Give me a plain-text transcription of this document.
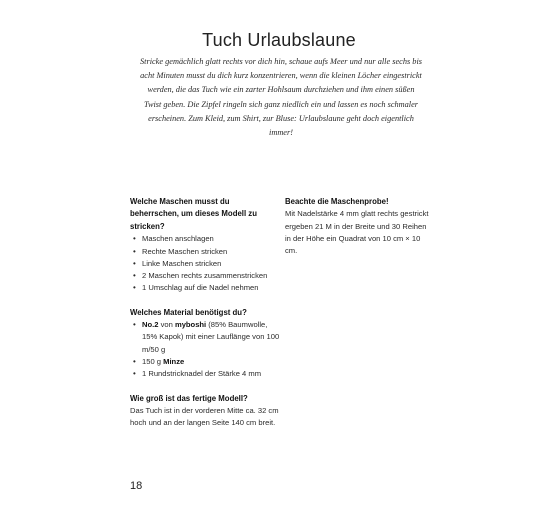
Tuch Urlaubslaune
Stricke gemächlich glatt rechts vor dich hin, schaue aufs Meer und nur alle sechs bis acht Minuten musst du dich kurz konzentrieren, wenn die kleinen Löcher eingestrickt werden, die das Tuch wie ein zarter Hohlsaum durchziehen und ihm einen süßen Twist geben. Die Zipfel ringeln sich ganz niedlich ein und lassen es noch schmaler erscheinen. Zum Kleid, zum Shirt, zur Bluse: Urlaubslaune geht doch eigentlich immer!
Welche Maschen musst du beherrschen, um dieses Modell zu stricken?
• Maschen anschlagen
• Rechte Maschen stricken
• Linke Maschen stricken
• 2 Maschen rechts zusammenstricken
• 1 Umschlag auf die Nadel nehmen
Welches Material benötigst du?
• No.2 von myboshi (85% Baumwolle, 15% Kapok) mit einer Lauflänge von 100 m/50 g
• 150 g Minze
• 1 Rundstricknadel der Stärke 4 mm
Wie groß ist das fertige Modell?
Das Tuch ist in der vorderen Mitte ca. 32 cm hoch und an der langen Seite 140 cm breit.
Beachte die Maschenprobe!
Mit Nadelstärke 4 mm glatt rechts gestrickt ergeben 21 M in der Breite und 30 Reihen in der Höhe ein Quadrat von 10 cm × 10 cm.
18
